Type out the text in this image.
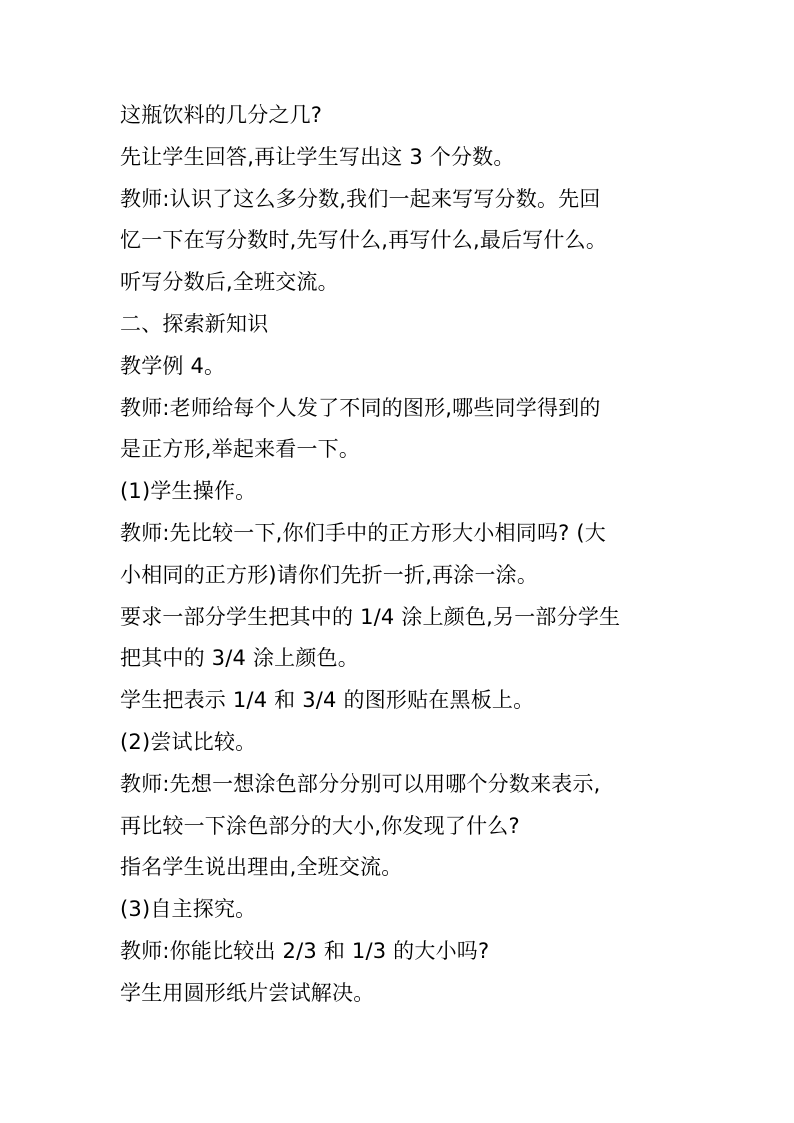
这瓶饮料的几分之几?
先让学生回答,再让学生写出这 3 个分数。
教师:认识了这么多分数,我们一起来写写分数。先回
忆一下在写分数时,先写什么,再写什么,最后写什么。
听写分数后,全班交流。
二、探索新知识
教学例 4。
教师:老师给每个人发了不同的图形,哪些同学得到的
是正方形,举起来看一下。
(1)学生操作。
教师:先比较一下,你们手中的正方形大小相同吗? (大
小相同的正方形)请你们先折一折,再涂一涂。
要求一部分学生把其中的 1/4 涂上颜色,另一部分学生
把其中的 3/4 涂上颜色。
学生把表示 1/4 和 3/4 的图形贴在黑板上。
(2)尝试比较。
教师:先想一想涂色部分分别可以用哪个分数来表示,
再比较一下涂色部分的大小,你发现了什么?
指名学生说出理由,全班交流。
(3)自主探究。
教师:你能比较出 2/3 和 1/3 的大小吗?
学生用圆形纸片尝试解决。
